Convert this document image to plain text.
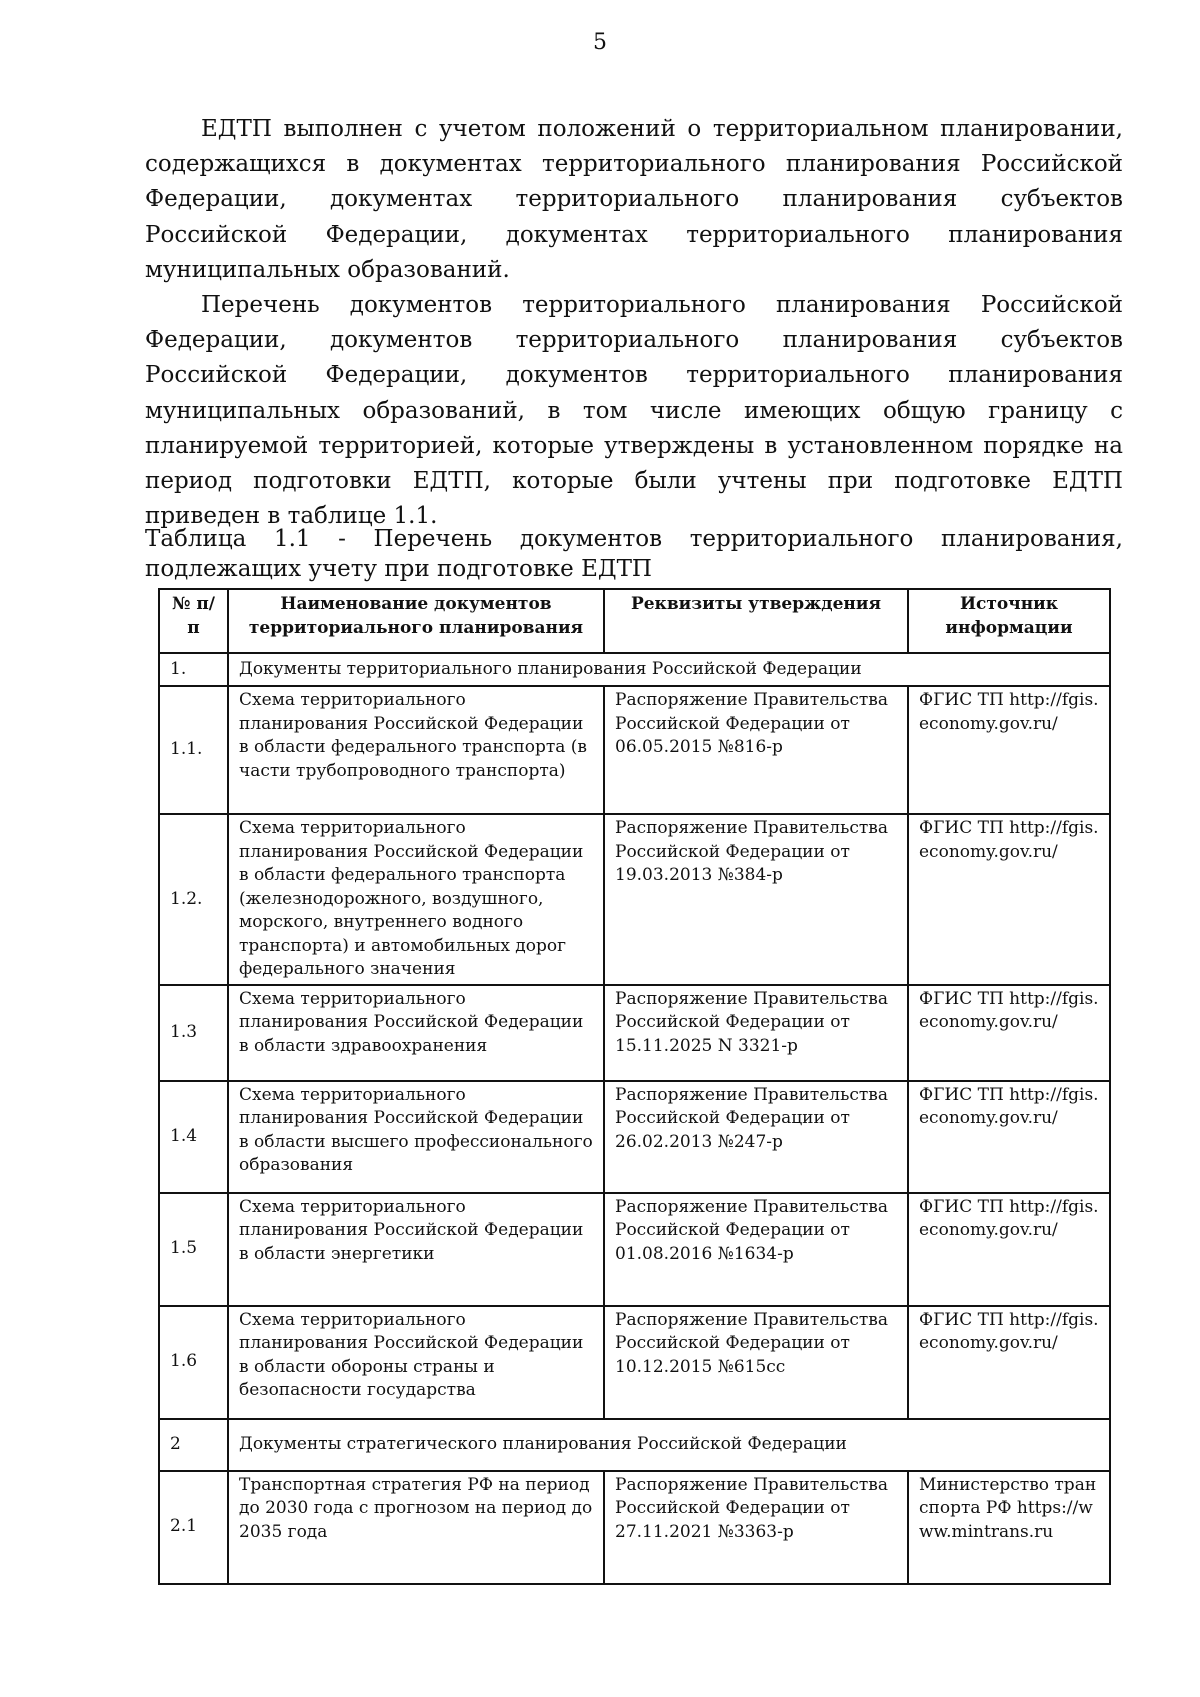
5

ЕДТП выполнен с учетом положений о территориальном планировании, содержащихся в документах территориального планирования Российской Федерации, документах территориального планирования субъектов Российской Федерации, документах территориального планирования муниципальных образований.

Перечень документов территориального планирования Российской Федерации, документов территориального планирования субъектов Российской Федерации, документов территориального планирования муниципальных образований, в том числе имеющих общую границу с планируемой территорией, которые утверждены в установленном порядке на период подготовки ЕДТП, которые были учтены при подготовке ЕДТП приведен в таблице 1.1.

Таблица 1.1 - Перечень документов территориального планирования, подлежащих учету при подготовке ЕДТП
№ п/п	Наименование документов территориального планирования	Реквизиты утверждения	Источник информации
1.	Документы территориального планирования Российской Федерации		
1.1.	Схема территориального планирования Российской Федерации в области федерального транспорта (в части трубопроводного транспорта)	Распоряжение Правительства Российской Федерации от 06.05.2015 №816-р	ФГИС ТП http://fgis.economy.gov.ru/
1.2.	Схема территориального планирования Российской Федерации в области федерального транспорта (железнодорожного, воздушного, морского, внутреннего водного транспорта) и автомобильных дорог федерального значения	Распоряжение Правительства Российской Федерации от 19.03.2013 №384-р	ФГИС ТП http://fgis.economy.gov.ru/
1.3	Схема территориального планирования Российской Федерации в области здравоохранения	Распоряжение Правительства Российской Федерации от 15.11.2025 N 3321-р	ФГИС ТП http://fgis.economy.gov.ru/
1.4	Схема территориального планирования Российской Федерации в области высшего профессионального образования	Распоряжение Правительства Российской Федерации от 26.02.2013 №247-р	ФГИС ТП http://fgis.economy.gov.ru/
1.5	Схема территориального планирования Российской Федерации в области энергетики	Распоряжение Правительства Российской Федерации от 01.08.2016 №1634-р	ФГИС ТП http://fgis.economy.gov.ru/
1.6	Схема территориального планирования Российской Федерации в области обороны страны и безопасности государства	Распоряжение Правительства Российской Федерации от 10.12.2015 №615сс	ФГИС ТП http://fgis.economy.gov.ru/
2	Документы стратегического планирования Российской Федерации		
2.1	Транспортная стратегия РФ на период до 2030 года с прогнозом на период до 2035 года	Распоряжение Правительства Российской Федерации от 27.11.2021 №3363-р	Министерство транспорта РФ https://www.mintrans.ru
